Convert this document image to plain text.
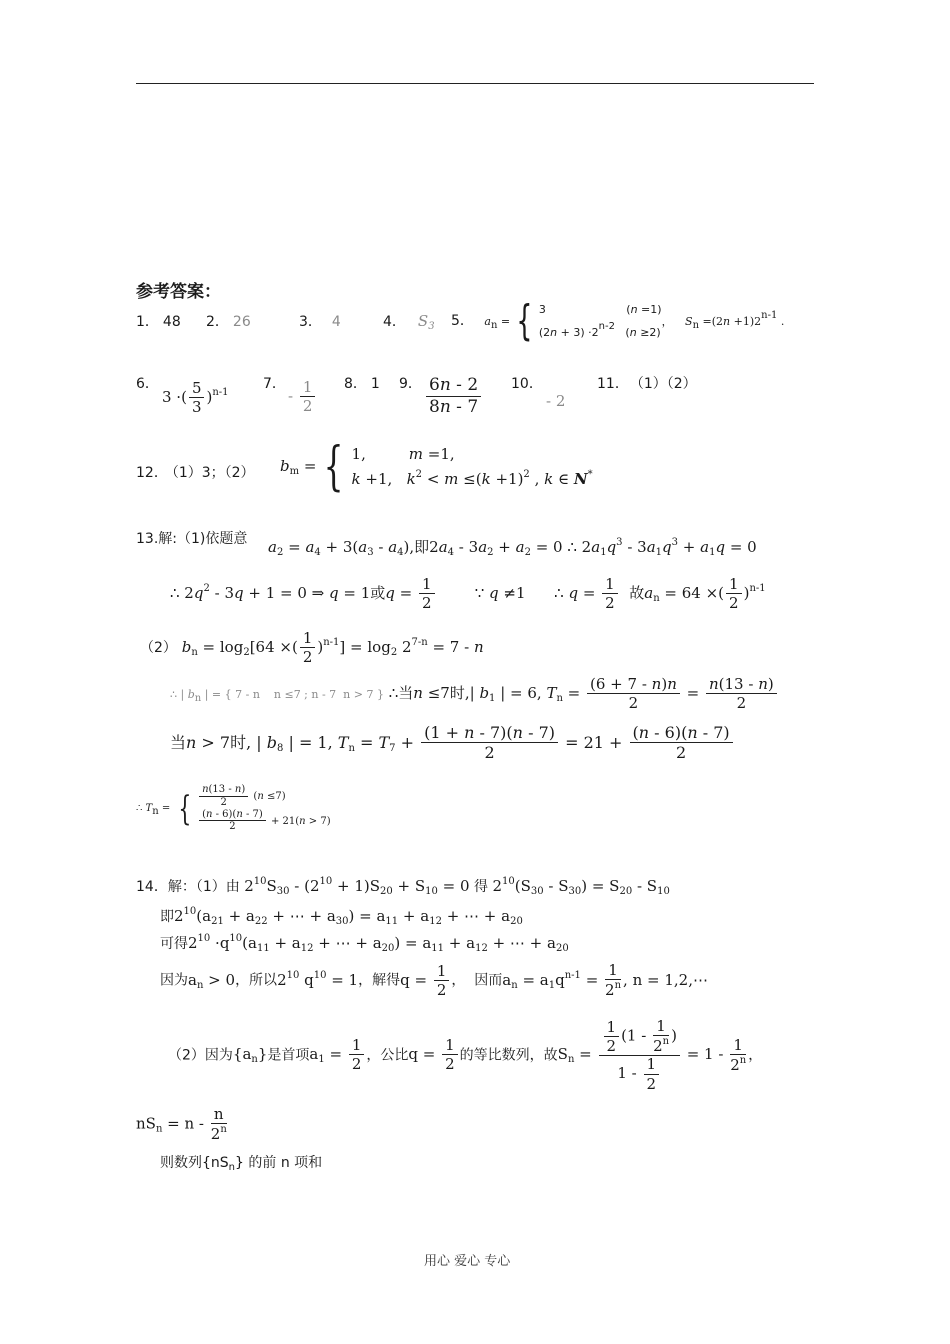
参考答案：
1． 48 2． 26	3． 4	4． $S_3$ 5． an = { 3                       (n =1)
(2n + 3) ·2n-2   (n ≥2)
， Sn =(2n +1)2n-1 .
6．
3 ·( $\frac{5}{3} )^{n-1}$
7．
- $\frac{1}{2} 8$． 1 9． $\frac{6n - 2}{8n - 7} 10$．
- 2
11． （1）（2）
12． （1）3；（2） $b_m$ = { 1,         m =1,
k +1,   $k^2 < m \le(k +1)^2$ , k ∈ N*
13.解:（1)依题意 $a_2 = a_4 + 3(a_3 - a_4)$,即$2a_4 - 3a_2 + a_2 = 0$ ∴ $2a_1q^3 - 3a_1q^3 + a_1q = 0$
∴ $2q^2 - 3q + 1 = 0$ ⇒ q = 1或$q = \frac{1}{2}$ ∵ q ≠1      ∴ $q = \frac{1}{2}$ 故$a_n = 64$ ×( $\frac{1}{2} )^{n-1}$
（2） $b_n = \log_2[64$ ×( $\frac{1}{2} )^{n-1}] = \log_2 2^{7-n} = 7 - n$
∴ | bn | = { 7 - n    n ≤7 ; n - 7  n > 7 } ∴当n ≤7时,| $b_1$ | = 6, $T_n = \frac{(6 + 7 - n)n}{2} = \frac{n(13 - n)}{2}$
当n > 7时, | $b_8$ | = 1, $T_n = T_7 + \frac{(1 + n - 7)(n - 7)}{2} = 21 + \frac{(n - 6)(n - 7)}{2}$
∴ Tn = { $\frac{n(13 - n)}{2} (n \le 7)$
$\frac{(n - 6)(n - 7)}{2} + 21(n > 7)$
14．解：（1）由 $2^{10}S_{30} - (2^{10} + 1)S_{20} + S_{10} = 0$ 得 $2^{10}(S_{30} - S_{30}) = S_{20} - S_{10}$
即$2^{10}(a_{21} + a_{22}$ + ⋯ + $a_{30}) = a_{11} + a_{12}$ + ⋯ + $a_{20}$
可得$2^{10} \cdot q^{10}(a_{11} + a_{12}$ + ⋯ + $a_{20}) = a_{11} + a_{12}$ + ⋯ + $a_{20}$
因为$a_n > 0$，所以$2^{10}$ $q^{10} = 1$，解得$q = \frac{1}{2}$ ，  因而$a_n = a_1q^{n-1} = \frac{1}{2^n}$ , n = 1,2,⋯
（2）因为$\{a_n\}$是首项$a_1 = \frac{1}{2}$ ，公比$q = \frac{1}{2}$ 的等比数列，故$S_n = \frac{\frac{1}{2} (1 - \frac{1}{2^n} )}{1 - \frac{1}{2}} = 1 - \frac{1}{2^n}$ ，
$nS_n = n - \frac{n}{2^n}$
则数列$\{nS_n\}$ 的前 n 项和
用心 爱心 专心
